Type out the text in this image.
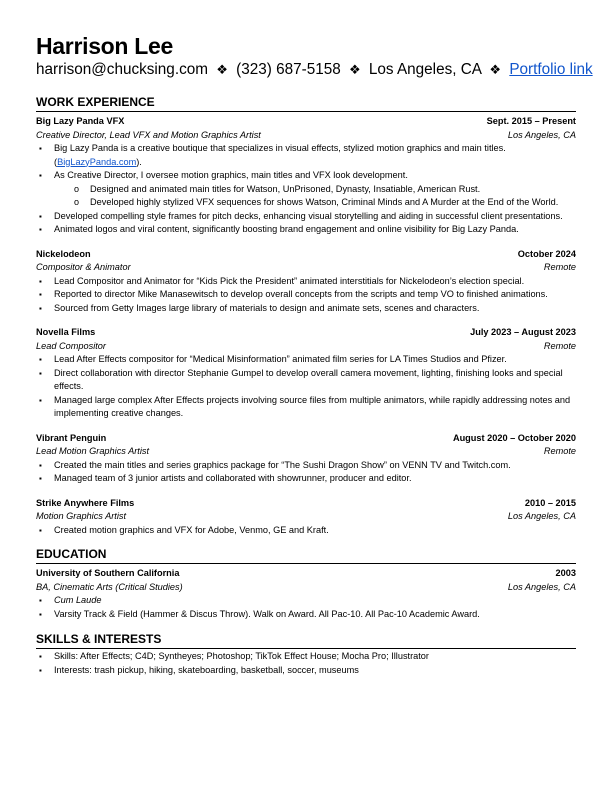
Harrison Lee
harrison@chucksing.com ❖ (323) 687-5158 ❖ Los Angeles, CA ❖ Portfolio link
WORK EXPERIENCE
Big Lazy Panda VFX	Sept. 2015 – Present
Creative Director, Lead VFX and Motion Graphics Artist	Los Angeles, CA
▪ Big Lazy Panda is a creative boutique that specializes in visual effects, stylized motion graphics and main titles.(BigLazyPanda.com).
▪ As Creative Director, I oversee motion graphics, main titles and VFX look development.
o Designed and animated main titles for Watson, UnPrisoned, Dynasty, Insatiable, American Rust.
o Developed highly stylized VFX sequences for shows Watson, Criminal Minds and A Murder at the End of the World.
▪ Developed compelling style frames for pitch decks, enhancing visual storytelling and aiding in successful client presentations.
▪ Animated logos and viral content, significantly boosting brand engagement and online visibility for Big Lazy Panda.
Nickelodeon	October 2024
Compositor & Animator	Remote
▪ Lead Compositor and Animator for “Kids Pick the President” animated interstitials for Nickelodeon’s election special.
▪ Reported to director Mike Manasewitsch to develop overall concepts from the scripts and temp VO to finished animations.
▪ Sourced from Getty Images large library of materials to design and animate sets, scenes and characters.
Novella Films	July 2023 – August 2023
Lead Compositor	Remote
▪ Lead After Effects compositor for “Medical Misinformation” animated film series for LA Times Studios and Pfizer.
▪ Direct collaboration with director Stephanie Gumpel to develop overall camera movement, lighting, finishing looks and special effects.
▪ Managed large complex After Effects projects involving source files from multiple animators, while rapidly addressing notes and implementing creative changes.
Vibrant Penguin	August 2020 – October 2020
Lead Motion Graphics Artist	Remote
▪ Created the main titles and series graphics package for “The Sushi Dragon Show” on VENN TV and Twitch.com.
▪ Managed team of 3 junior artists and collaborated with showrunner, producer and editor.
Strike Anywhere Films	2010 – 2015
Motion Graphics Artist	Los Angeles, CA
▪ Created motion graphics and VFX for Adobe, Venmo, GE and Kraft.
EDUCATION
University of Southern California	2003
BA, Cinematic Arts (Critical Studies)	Los Angeles, CA
▪ Cum Laude
▪ Varsity Track & Field (Hammer & Discus Throw). Walk on Award. All Pac-10. All Pac-10 Academic Award.
SKILLS & INTERESTS
▪ Skills: After Effects; C4D; Syntheyes; Photoshop; TikTok Effect House; Mocha Pro; Illustrator
▪ Interests: trash pickup, hiking, skateboarding, basketball, soccer, museums
